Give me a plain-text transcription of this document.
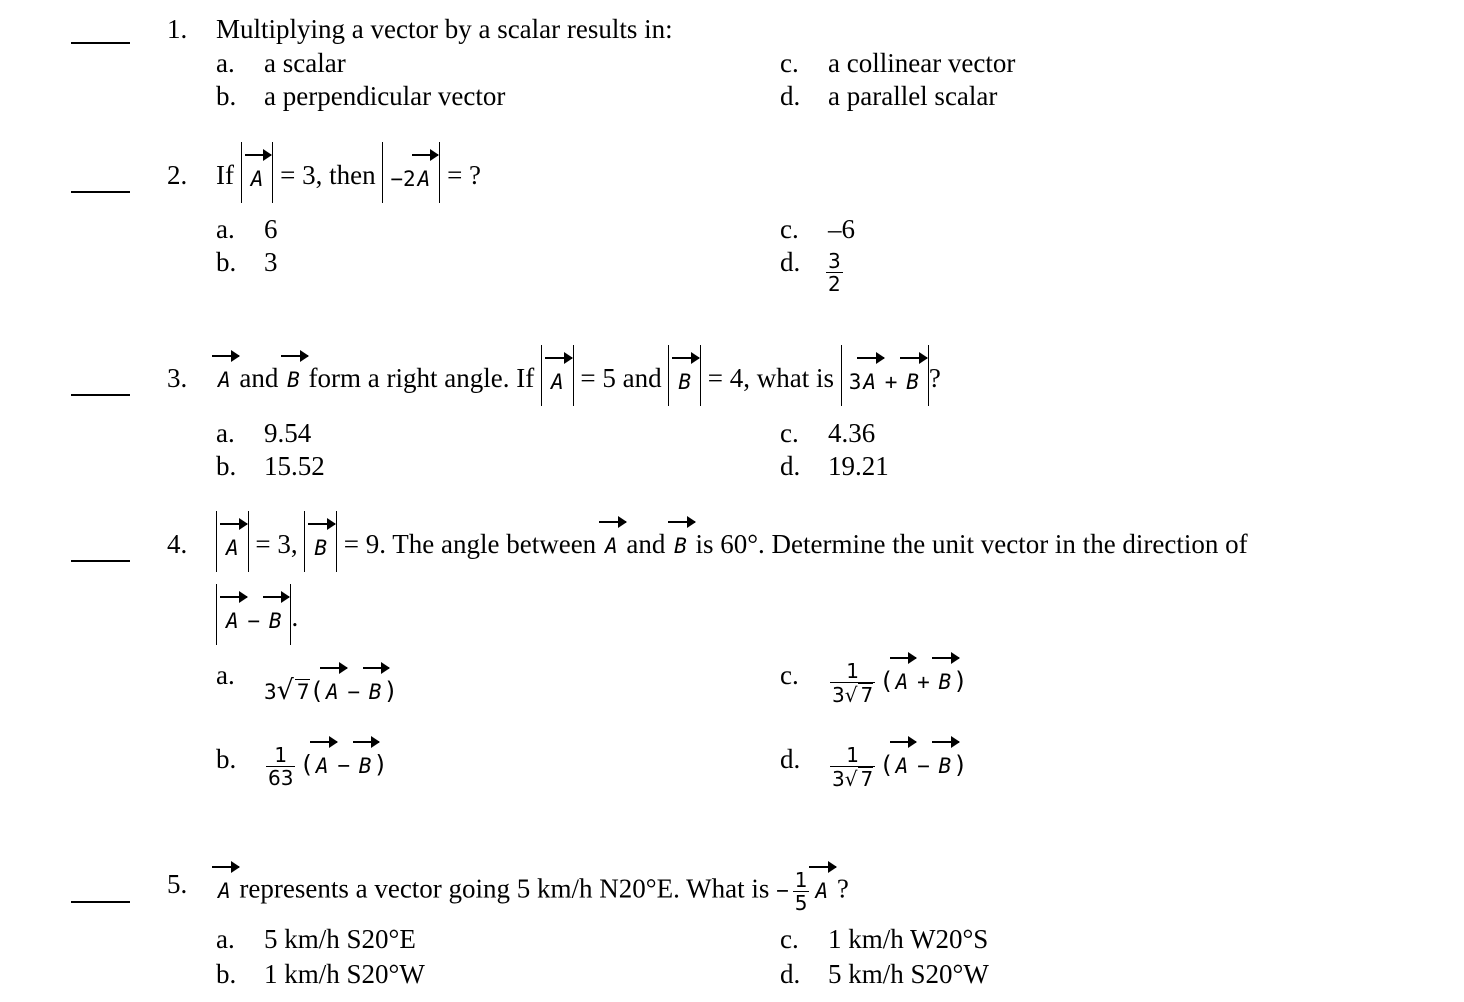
1.	Multiplying a vector by a scalar results in:
a.	a scalar
b.	a perpendicular vector
c.	a collinear vector
d.	a parallel scalar
2.	If A = 3, then −2A = ?
a.	6
b.	3
c.	–6
d.	$\frac{3}{2}$
3.	A and B form a right angle. If A = 5 and B = 4, what is 3A + B ?
a.	9.54
b.	15.52
c.	4.36
d.	19.21
4.	A = 3, B = 9. The angle between A and B is 60°. Determine the unit vector in the direction of
A − B .
a.
3√ 7(A − B)
b.	$\frac{1}{63} (A - B)$
c.	$\frac{1}{3√ 7} (A + B)$
d.	$\frac{1}{3√ 7} (A - B)$
5.	A represents a vector going 5 km/h N20°E. What is − $\frac{1}{5}$ A ?
a.	5 km/h S20°E
b.	1 km/h S20°W
c.	1 km/h W20°S
d.	5 km/h S20°W
